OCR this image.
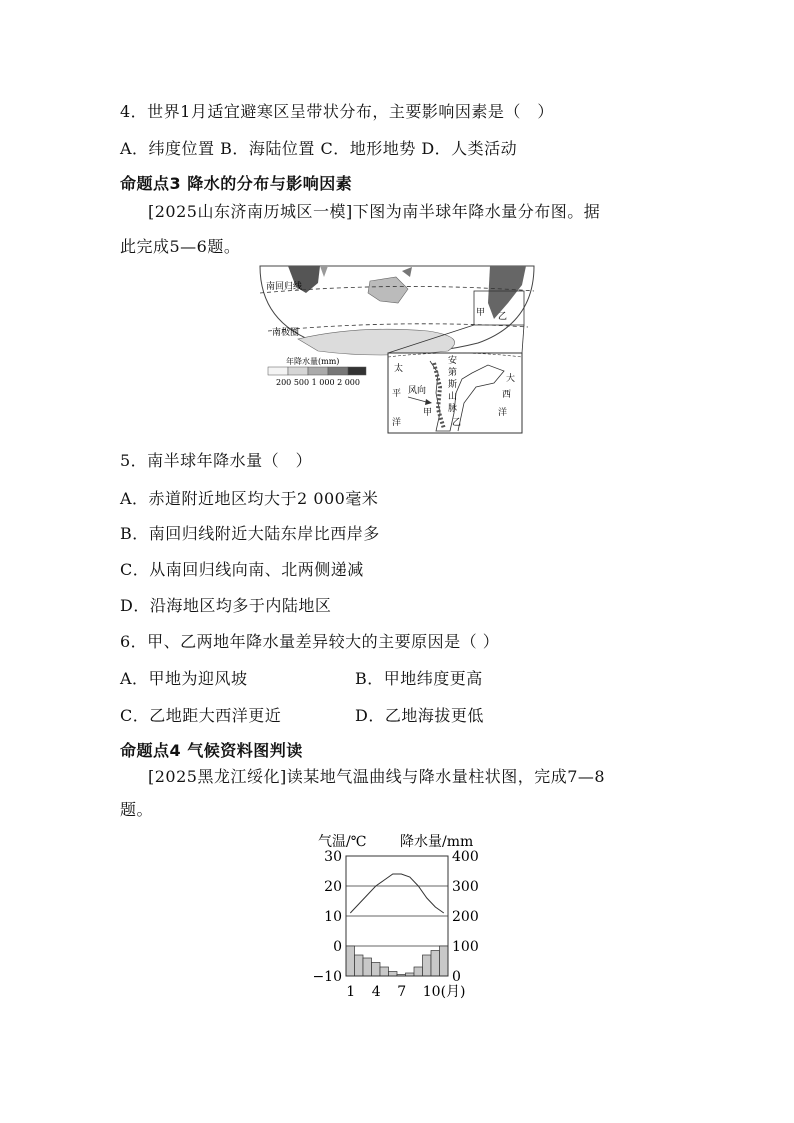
4．世界1月适宜避寒区呈带状分布，主要影响因素是（　）
A．纬度位置 B．海陆位置 C．地形地势 D．人类活动
命题点3 降水的分布与影响因素
[2025山东济南历城区一模]下图为南半球年降水量分布图。据
此完成5—6题。
南回归线
南极圈
甲 乙
太
平
洋
风向
安
第
斯
山
脉
甲
乙
大
西
洋
年降水量(mm)
200 500 1 000 2 000
5．南半球年降水量（　）
A．赤道附近地区均大于2 000毫米
B．南回归线附近大陆东岸比西岸多
C．从南回归线向南、北两侧递减
D．沿海地区均多于内陆地区
6．甲、乙两地年降水量差异较大的主要原因是（ ）
A．甲地为迎风坡	B．甲地纬度更高
C．乙地距大西洋更近	D．乙地海拔更低
命题点4 气候资料图判读
[2025黑龙江绥化]读某地气温曲线与降水量柱状图，完成7—8
题。
气温/℃ 降水量/mm
30
20
10
0
−10
400
300
200
100
0
1 4 7 10(月)
